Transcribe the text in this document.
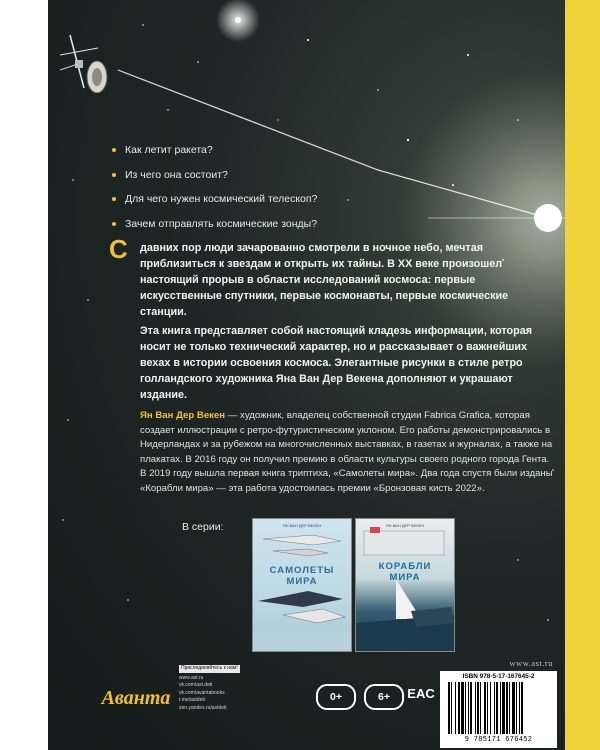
Как летит ракета?
Из чего она состоит?
Для чего нужен космический телескоп?
Зачем отправлять космические зонды?
С давних пор люди зачарованно смотрели в ночное небо, мечтая приблизиться к звездам и открыть их тайны. В XX веке произошел настоящий прорыв в области исследований космоса: первые искусственные спутники, первые космонавты, первые космические станции.

Эта книга представляет собой настоящий кладезь информации, которая носит не только технический характер, но и рассказывает о важнейших вехах в истории освоения космоса. Элегантные рисунки в стиле ретро голландского художника Яна Ван Дер Векена дополняют и украшают издание.

Ян Ван Дер Векен — художник, владелец собственной студии Fabrica Grafica, которая создает иллюстрации с ретро-футуристическим уклоном. Его работы демонстрировались в Нидерландах и за рубежом на многочисленных выставках, в газетах и журналах, а также на плакатах. В 2016 году он получил премию в области культуры своего родного города Гента. В 2019 году вышла первая книга триптиха, «Самолеты мира». Два года спустя были изданы «Корабли мира» — эта работа удостоилась премии «Бронзовая кисть 2022».

В серии:	ЯН ВАН ДЕР ВЕКЕН
САМОЛЕТЫ
МИРА
ЯН ВАН ДЕР ВЕКЕН
КОРАБЛИ
МИРА
Аванта
Присоединяйтесь к нам!
www.ast.ru
vk.com/ast.deti
vk.com/avantabooks
t.me/astdeti
zen.yandex.ru/astdeti
0+	6+	EAC
www.ast.ru
ISBN 978-5-17-167645-2
9 785171 676452
